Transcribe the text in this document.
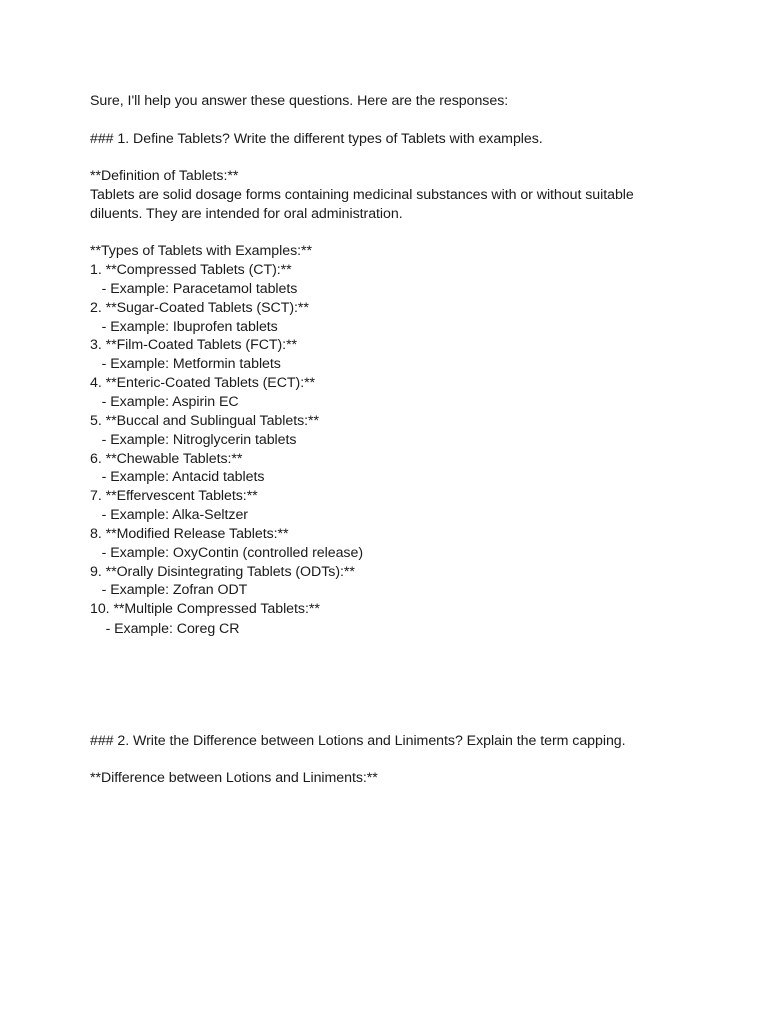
Sure, I'll help you answer these questions. Here are the responses:
### 1. Define Tablets? Write the different types of Tablets with examples.
**Definition of Tablets:**
Tablets are solid dosage forms containing medicinal substances with or without suitable
diluents. They are intended for oral administration.
**Types of Tablets with Examples:**
1. **Compressed Tablets (CT):**
- Example: Paracetamol tablets
2. **Sugar-Coated Tablets (SCT):**
- Example: Ibuprofen tablets
3. **Film-Coated Tablets (FCT):**
- Example: Metformin tablets
4. **Enteric-Coated Tablets (ECT):**
- Example: Aspirin EC
5. **Buccal and Sublingual Tablets:**
- Example: Nitroglycerin tablets
6. **Chewable Tablets:**
- Example: Antacid tablets
7. **Effervescent Tablets:**
- Example: Alka-Seltzer
8. **Modified Release Tablets:**
- Example: OxyContin (controlled release)
9. **Orally Disintegrating Tablets (ODTs):**
- Example: Zofran ODT
10. **Multiple Compressed Tablets:**
- Example: Coreg CR
### 2. Write the Difference between Lotions and Liniments? Explain the term capping.
**Difference between Lotions and Liniments:**
